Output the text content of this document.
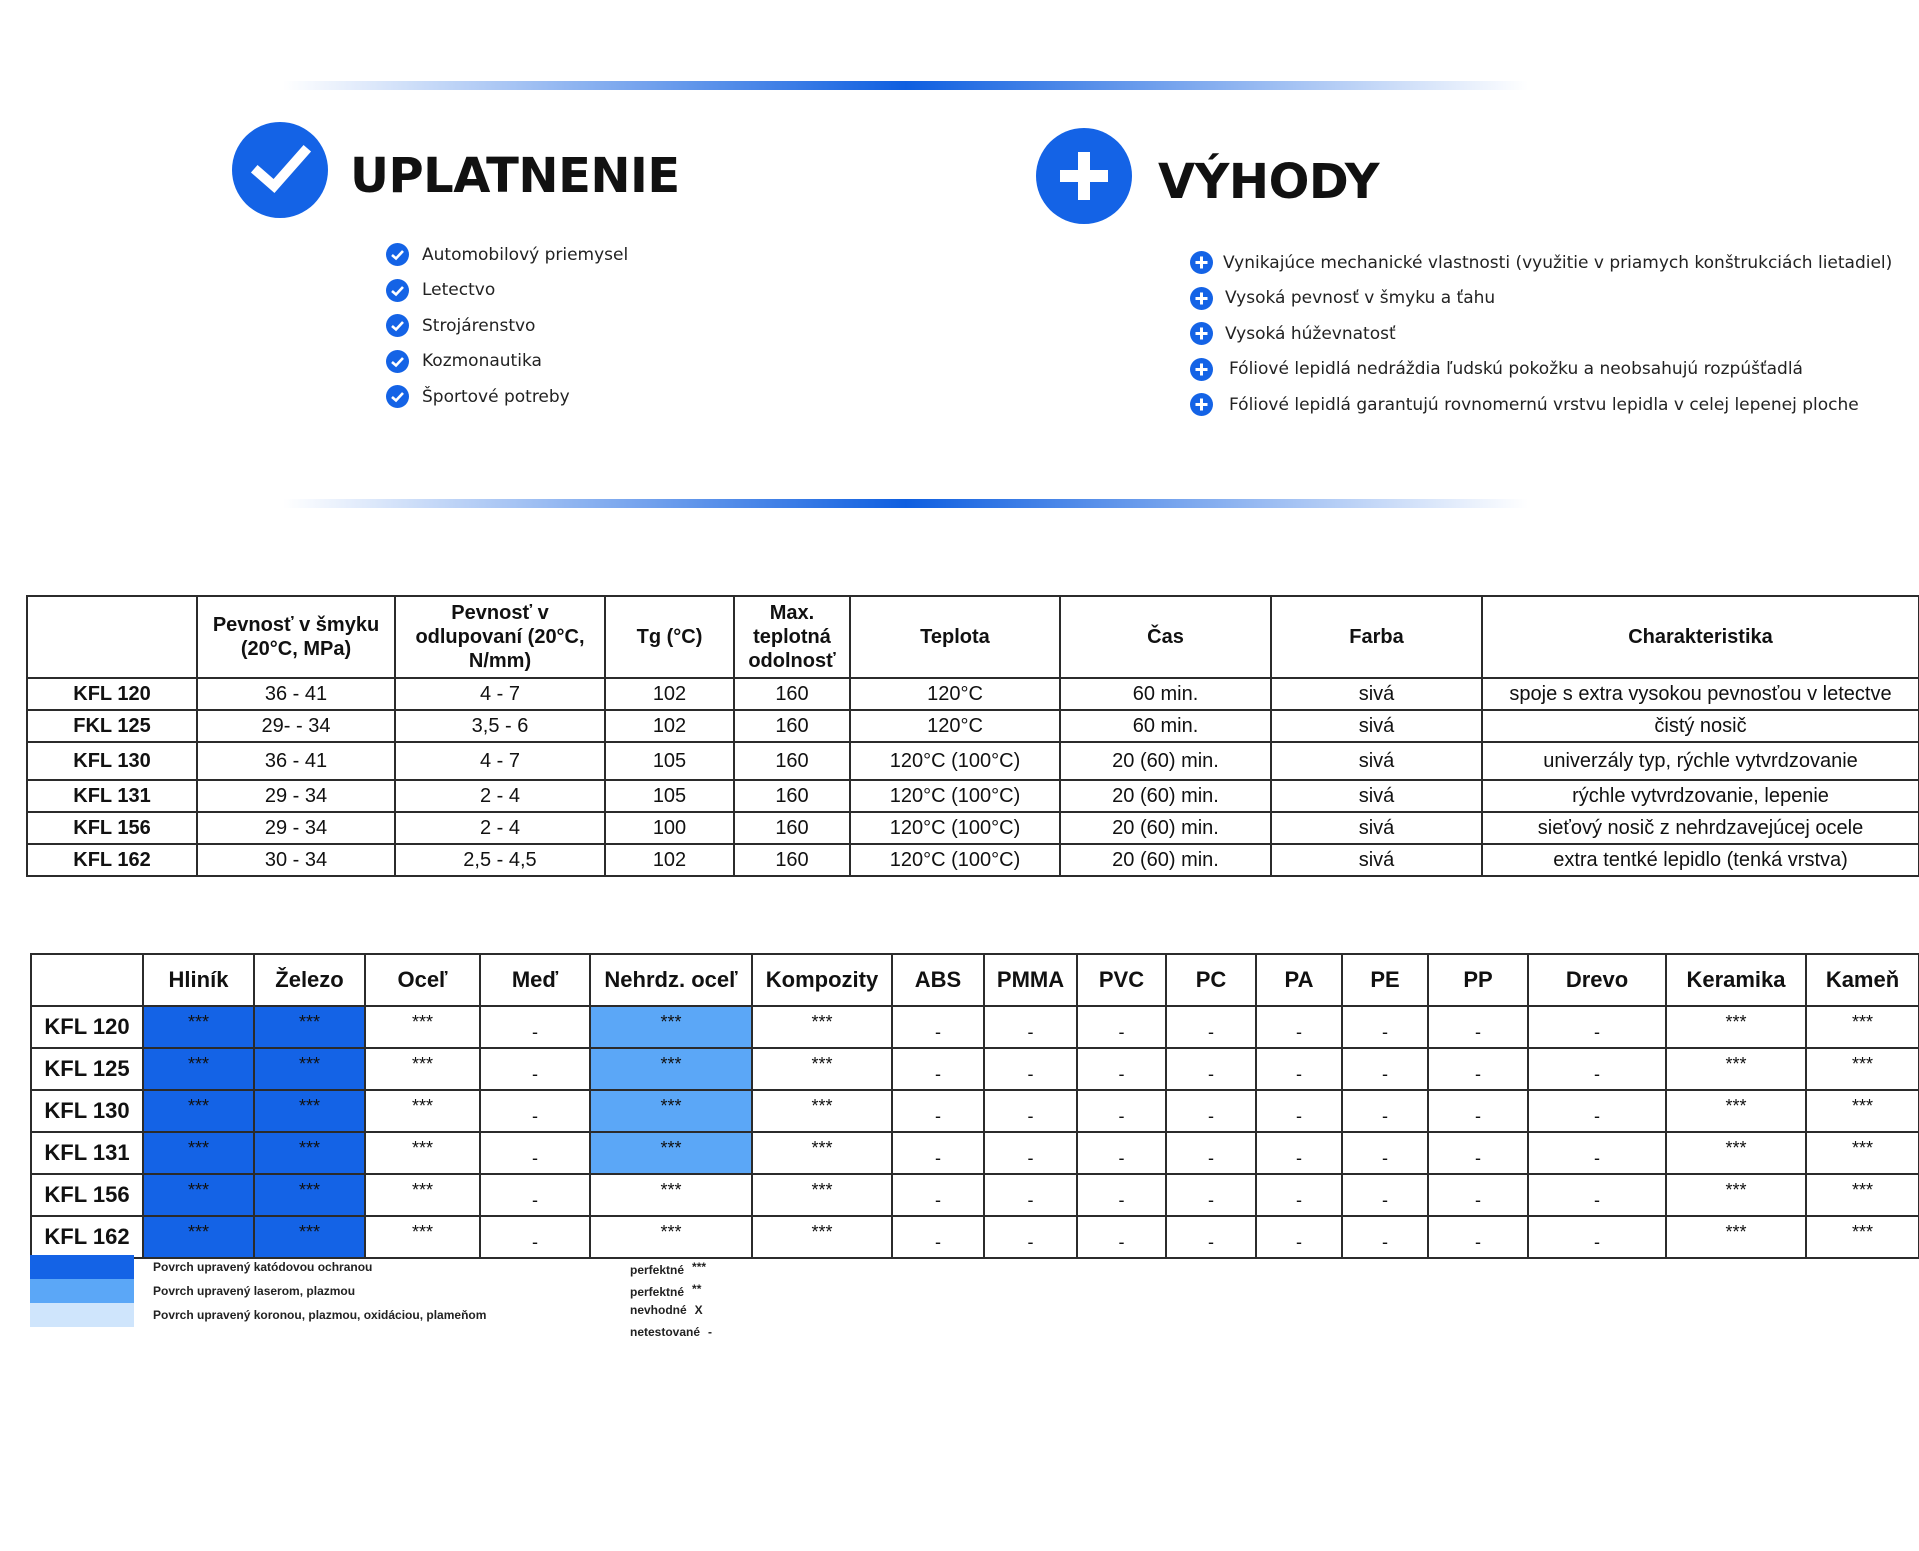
UPLATNENIE
Automobilový priemysel
Letectvo
Strojárenstvo
Kozmonautika
Športové potreby
VÝHODY
Vynikajúce mechanické vlastnosti (využitie v priamych konštrukciách lietadiel)
Vysoká pevnosť v šmyku a ťahu
Vysoká húževnatosť
Fóliové lepidlá nedráždia ľudskú pokožku a neobsahujú rozpúšťadlá
Fóliové lepidlá garantujú rovnomernú vrstvu lepidla v celej lepenej ploche
	Pevnosť v šmyku (20°C, MPa)	Pevnosť v odlupovaní (20°C, N/mm)	Tg (°C)	Max. teplotná odolnosť	Teplota	Čas	Farba	Charakteristika
KFL 120	36 - 41	4 - 7	102	160	120°C	60 min.	sivá	spoje s extra vysokou pevnosťou v letectve
FKL 125	29- - 34	3,5 - 6	102	160	120°C	60 min.	sivá	čistý nosič
KFL 130	36 - 41	4 - 7	105	160	120°C (100°C)	20 (60) min.	sivá	univerzály typ, rýchle vytvrdzovanie
KFL 131	29 - 34	2 - 4	105	160	120°C (100°C)	20 (60) min.	sivá	rýchle vytvrdzovanie, lepenie
KFL 156	29 - 34	2 - 4	100	160	120°C (100°C)	20 (60) min.	sivá	sieťový nosič z nehrdzavejúcej ocele
KFL 162	30 - 34	2,5 - 4,5	102	160	120°C (100°C)	20 (60) min.	sivá	extra tentké lepidlo (tenká vrstva)
	Hliník	Železo	Oceľ	Meď	Nehrdz. oceľ	Kompozity	ABS	PMMA	PVC	PC	PA	PE	PP	Drevo	Keramika	Kameň
KFL 120	***	***	***	-	***	***	-	-	-	-	-	-	-	-	***	***
KFL 125	***	***	***	-	***	***	-	-	-	-	-	-	-	-	***	***
KFL 130	***	***	***	-	***	***	-	-	-	-	-	-	-	-	***	***
KFL 131	***	***	***	-	***	***	-	-	-	-	-	-	-	-	***	***
KFL 156	***	***	***	-	***	***	-	-	-	-	-	-	-	-	***	***
KFL 162	***	***	***	-	***	***	-	-	-	-	-	-	-	-	***	***
Povrch upravený katódovou ochranou
Povrch upravený laserom, plazmou
Povrch upravený koronou, plazmou, oxidáciou, plameňom
perfektné ***
perfektné **
nevhodné X
netestované -
